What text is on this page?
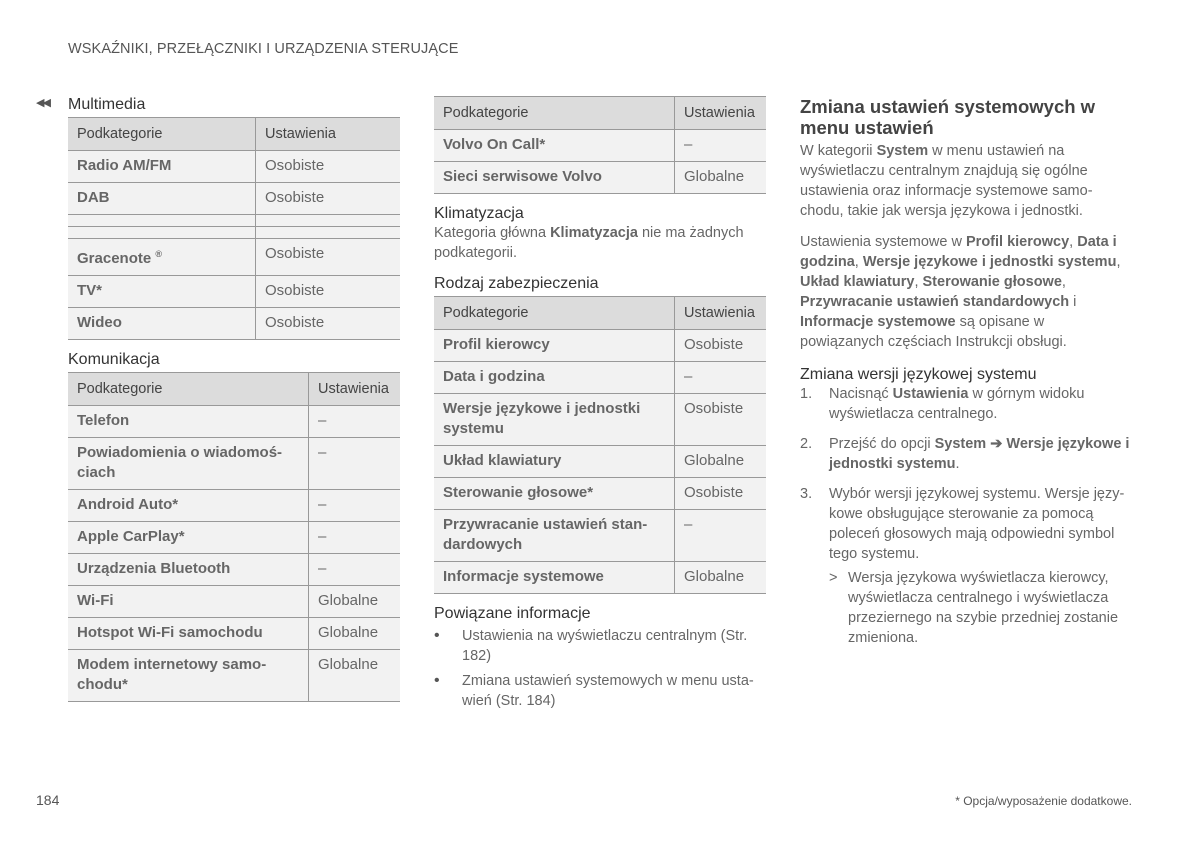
WSKAŹNIKI, PRZEŁĄCZNIKI I URZĄDZENIA STERUJĄCE
◀◀ Multimedia
Podkategorie	Ustawienia
Radio AM/FM	Osobiste
DAB	Osobiste

Gracenote ®	Osobiste
TV*	Osobiste
Wideo	Osobiste
Komunikacja
Podkategorie	Ustawienia
Telefon	–
Powiadomienia o wiadomoś-ciach	–
Android Auto*	–
Apple CarPlay*	–
Urządzenia Bluetooth	–
Wi-Fi	Globalne
Hotspot Wi-Fi samochodu	Globalne
Modem internetowy samo-chodu*	Globalne
Podkategorie	Ustawienia
Volvo On Call*	–
Sieci serwisowe Volvo	Globalne
Klimatyzacja

Kategoria główna Klimatyzacja nie ma żadnych podkategorii.

Rodzaj zabezpieczenia
Podkategorie	Ustawienia
Profil kierowcy	Osobiste
Data i godzina	–
Wersje językowe i jednostki systemu	Osobiste
Układ klawiatury	Globalne
Sterowanie głosowe*	Osobiste
Przywracanie ustawień stan-dardowych	–
Informacje systemowe	Globalne
Powiązane informacje
• Ustawienia na wyświetlaczu centralnym (Str. 182)
• Zmiana ustawień systemowych w menu usta-wień (Str. 184)
Zmiana ustawień systemowych w menu ustawień

W kategorii System w menu ustawień na wyświetlaczu centralnym znajdują się ogólne ustawienia oraz informacje systemowe samo-chodu, takie jak wersja językowa i jednostki.

Ustawienia systemowe w Profil kierowcy, Data i godzina, Wersje językowe i jednostki systemu, Układ klawiatury, Sterowanie głosowe, Przywracanie ustawień standardowych i Informacje systemowe są opisane w powiązanych częściach Instrukcji obsługi.

Zmiana wersji językowej systemu
1. Nacisnąć Ustawienia w górnym widoku wyświetlacza centralnego.
2. Przejść do opcji System ➔ Wersje językowe i jednostki systemu.
3. Wybór wersji językowej systemu. Wersje języ-kowe obsługujące sterowanie za pomocą poleceń głosowych mają odpowiedni symbol tego systemu.
> Wersja językowa wyświetlacza kierowcy, wyświetlacza centralnego i wyświetlacza przeziernego na szybie przedniej zostanie zmieniona.
184	* Opcja/wyposażenie dodatkowe.
